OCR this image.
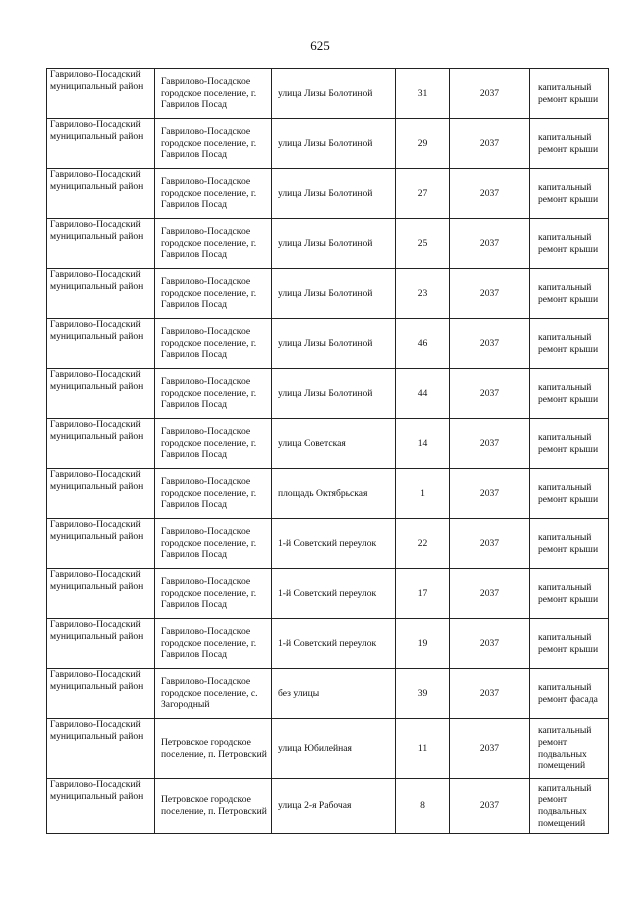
625
Гаврилово-Посадский муниципальный район	Гаврилово-Посадское городское поселение, г. Гаврилов Посад	улица Лизы Болотиной	31	2037	капитальный ремонт крыши
Гаврилово-Посадский муниципальный район	Гаврилово-Посадское городское поселение, г. Гаврилов Посад	улица Лизы Болотиной	29	2037	капитальный ремонт крыши
Гаврилово-Посадский муниципальный район	Гаврилово-Посадское городское поселение, г. Гаврилов Посад	улица Лизы Болотиной	27	2037	капитальный ремонт крыши
Гаврилово-Посадский муниципальный район	Гаврилово-Посадское городское поселение, г. Гаврилов Посад	улица Лизы Болотиной	25	2037	капитальный ремонт крыши
Гаврилово-Посадский муниципальный район	Гаврилово-Посадское городское поселение, г. Гаврилов Посад	улица Лизы Болотиной	23	2037	капитальный ремонт крыши
Гаврилово-Посадский муниципальный район	Гаврилово-Посадское городское поселение, г. Гаврилов Посад	улица Лизы Болотиной	46	2037	капитальный ремонт крыши
Гаврилово-Посадский муниципальный район	Гаврилово-Посадское городское поселение, г. Гаврилов Посад	улица Лизы Болотиной	44	2037	капитальный ремонт крыши
Гаврилово-Посадский муниципальный район	Гаврилово-Посадское городское поселение, г. Гаврилов Посад	улица Советская	14	2037	капитальный ремонт крыши
Гаврилово-Посадский муниципальный район	Гаврилово-Посадское городское поселение, г. Гаврилов Посад	площадь Октябрьская	1	2037	капитальный ремонт крыши
Гаврилово-Посадский муниципальный район	Гаврилово-Посадское городское поселение, г. Гаврилов Посад	1-й Советский переулок	22	2037	капитальный ремонт крыши
Гаврилово-Посадский муниципальный район	Гаврилово-Посадское городское поселение, г. Гаврилов Посад	1-й Советский переулок	17	2037	капитальный ремонт крыши
Гаврилово-Посадский муниципальный район	Гаврилово-Посадское городское поселение, г. Гаврилов Посад	1-й Советский переулок	19	2037	капитальный ремонт крыши
Гаврилово-Посадский муниципальный район	Гаврилово-Посадское городское поселение, с. Загородный	без улицы	39	2037	капитальный ремонт фасада
Гаврилово-Посадский муниципальный район	Петровское городское поселение, п. Петровский	улица Юбилейная	11	2037	капитальный ремонт подвальных помещений
Гаврилово-Посадский муниципальный район	Петровское городское поселение, п. Петровский	улица 2-я Рабочая	8	2037	капитальный ремонт подвальных помещений
